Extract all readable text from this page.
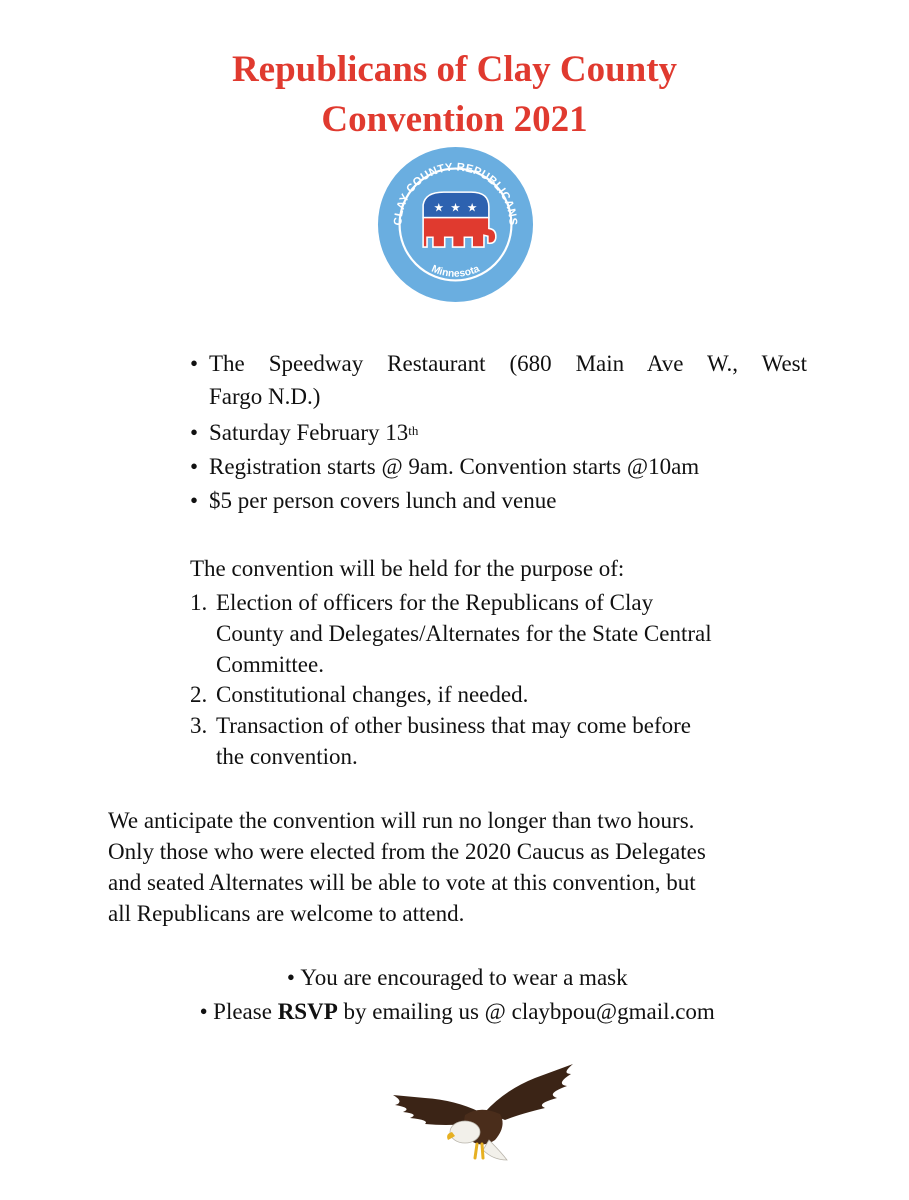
Republicans of Clay County
Convention 2021
CLAY COUNTY REPUBLICANS
Minnesota
★ ★ ★
• The Speedway Restaurant (680 Main Ave W., West
Fargo N.D.)
• Saturday February 13th
• Registration starts @ 9am. Convention starts @10am
• $5 per person covers lunch and venue
The convention will be held for the purpose of:
1. Election of officers for the Republicans of Clay
County and Delegates/Alternates for the State Central
Committee.
2. Constitutional changes, if needed.
3. Transaction of other business that may come before
the convention.
We anticipate the convention will run no longer than two hours.
Only those who were elected from the 2020 Caucus as Delegates
and seated Alternates will be able to vote at this convention, but
all Republicans are welcome to attend.
• You are encouraged to wear a mask
• Please RSVP by emailing us @ claybpou@gmail.com
